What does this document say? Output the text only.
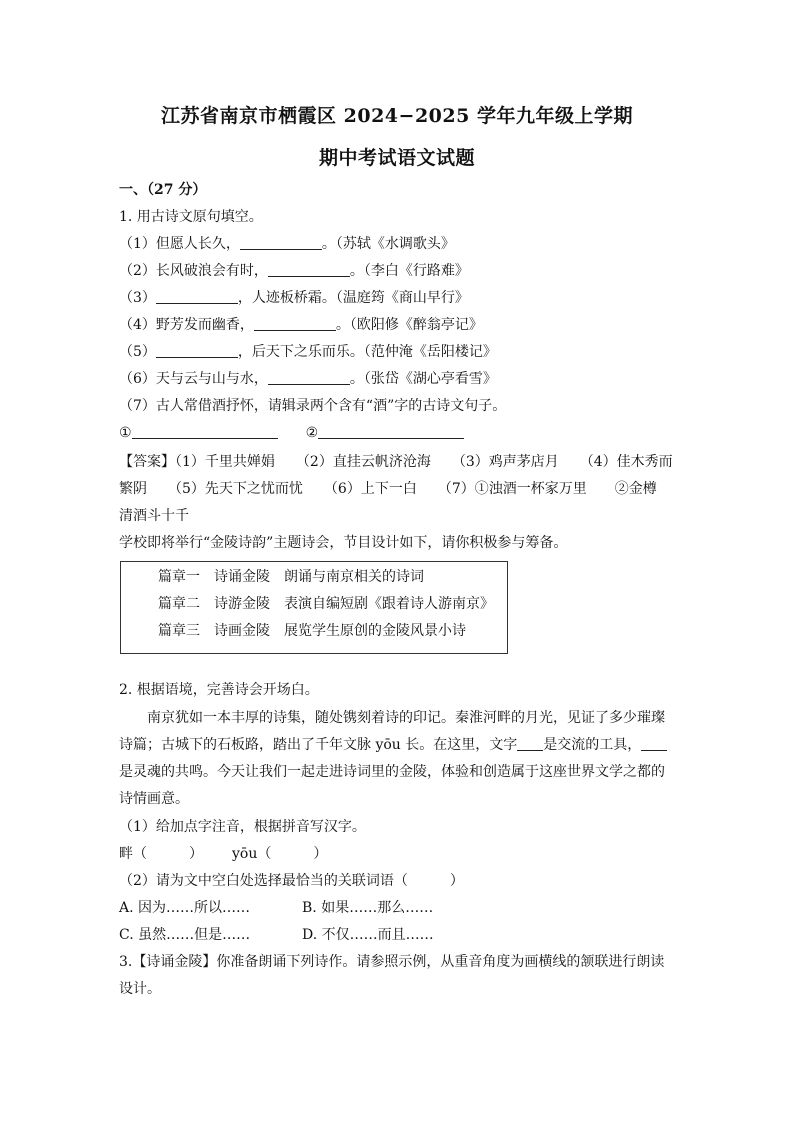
江苏省南京市栖霞区 2024−2025 学年九年级上学期
期中考试语文试题
一、（27 分）
1. 用古诗文原句填空。
（1）但愿人长久，	。（苏轼《水调歌头》
（2）长风破浪会有时，	。（李白《行路难》
（3）	，人迹板桥霜。（温庭筠《商山早行》
（4）野芳发而幽香，	。（欧阳修《醉翁亭记》
（5）	，后天下之乐而乐。（范仲淹《岳阳楼记》
（6）天与云与山与水，	。（张岱《湖心亭看雪》
（7）古人常借酒抒怀，请辑录两个含有“酒”字的古诗文句子。
①	②
【答案】（1）千里共婵娟　　（2）直挂云帆济沧海　　（3）鸡声茅店月　　（4）佳木秀而
繁阴　　（5）先天下之忧而忧　　（6）上下一白　　（7）①浊酒一杯家万里　　②金樽
清酒斗十千
学校即将举行“金陵诗韵”主题诗会，节目设计如下，请你积极参与筹备。
篇章一 诗诵金陵 朗诵与南京相关的诗词
篇章二 诗游金陵 表演自编短剧《跟着诗人游南京》
篇章三 诗画金陵 展览学生原创的金陵风景小诗
2. 根据语境，完善诗会开场白。
南京犹如一本丰厚的诗集，随处镌刻着诗的印记。秦淮河畔的月光，见证了多少璀璨
诗篇；古城下的石板路，踏出了千年文脉 yōu 长。在这里，文字 是交流的工具，
是灵魂的共鸣。今天让我们一起走进诗词里的金陵，体验和创造属于这座世界文学之都的
诗情画意。
（1）给加点字注音，根据拼音写汉字。
畔（　　　） yōu（　　　）
（2）请为文中空白处选择最恰当的关联词语（　　　）
A. 因为……所以……	B. 如果……那么……
C. 虽然……但是……	D. 不仅……而且……
3.【诗诵金陵】你准备朗诵下列诗作。请参照示例，从重音角度为画横线的颔联进行朗读
设计。
